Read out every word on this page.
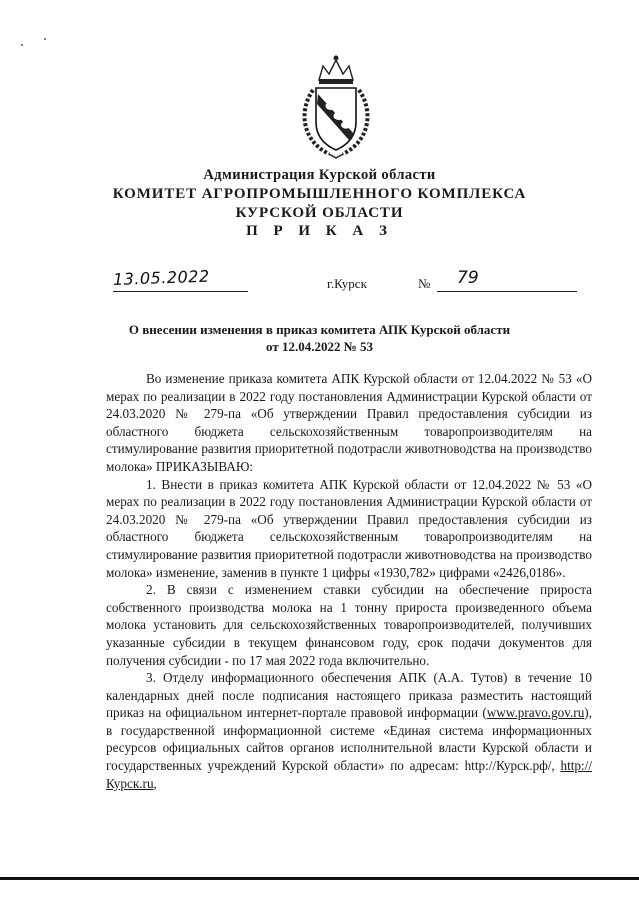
Администрация Курской области
КОМИТЕТ АГРОПРОМЫШЛЕННОГО КОМПЛЕКСА
КУРСКОЙ ОБЛАСТИ
П Р И К А З
13.05.2022	г.Курск	№ 79
О внесении изменения в приказ комитета АПК Курской области
от 12.04.2022 № 53

Во изменение приказа комитета АПК Курской области от 12.04.2022 № 53 «О мерах по реализации в 2022 году постановления Администрации Курской области от 24.03.2020 № 279-па «Об утверждении Правил предоставления субсидии из областного бюджета сельскохозяйственным товаропроизводителям на стимулирование развития приоритетной подотрасли животноводства на производство молока» ПРИКАЗЫВАЮ:

1. Внести в приказ комитета АПК Курской области от 12.04.2022 № 53 «О мерах по реализации в 2022 году постановления Администрации Курской области от 24.03.2020 № 279-па «Об утверждении Правил предоставления субсидии из областного бюджета сельскохозяйственным товаропроизводителям на стимулирование развития приоритетной подотрасли животноводства на производство молока» изменение, заменив в пункте 1 цифры «1930,782» цифрами «2426,0186».

2. В связи с изменением ставки субсидии на обеспечение прироста собственного производства молока на 1 тонну прироста произведенного объема молока установить для сельскохозяйственных товаропроизводителей, получивших указанные субсидии в текущем финансовом году, срок подачи документов для получения субсидии - по 17 мая 2022 года включительно.

3. Отделу информационного обеспечения АПК (А.А. Тутов) в течение 10 календарных дней после подписания настоящего приказа разместить настоящий приказ на официальном интернет-портале правовой информации (www.pravo.gov.ru), в государственной информационной системе «Единая система информационных ресурсов официальных сайтов органов исполнительной власти Курской области и государственных учреждений Курской области» по адресам: http://Курск.рф/, http://Курск.ru,
